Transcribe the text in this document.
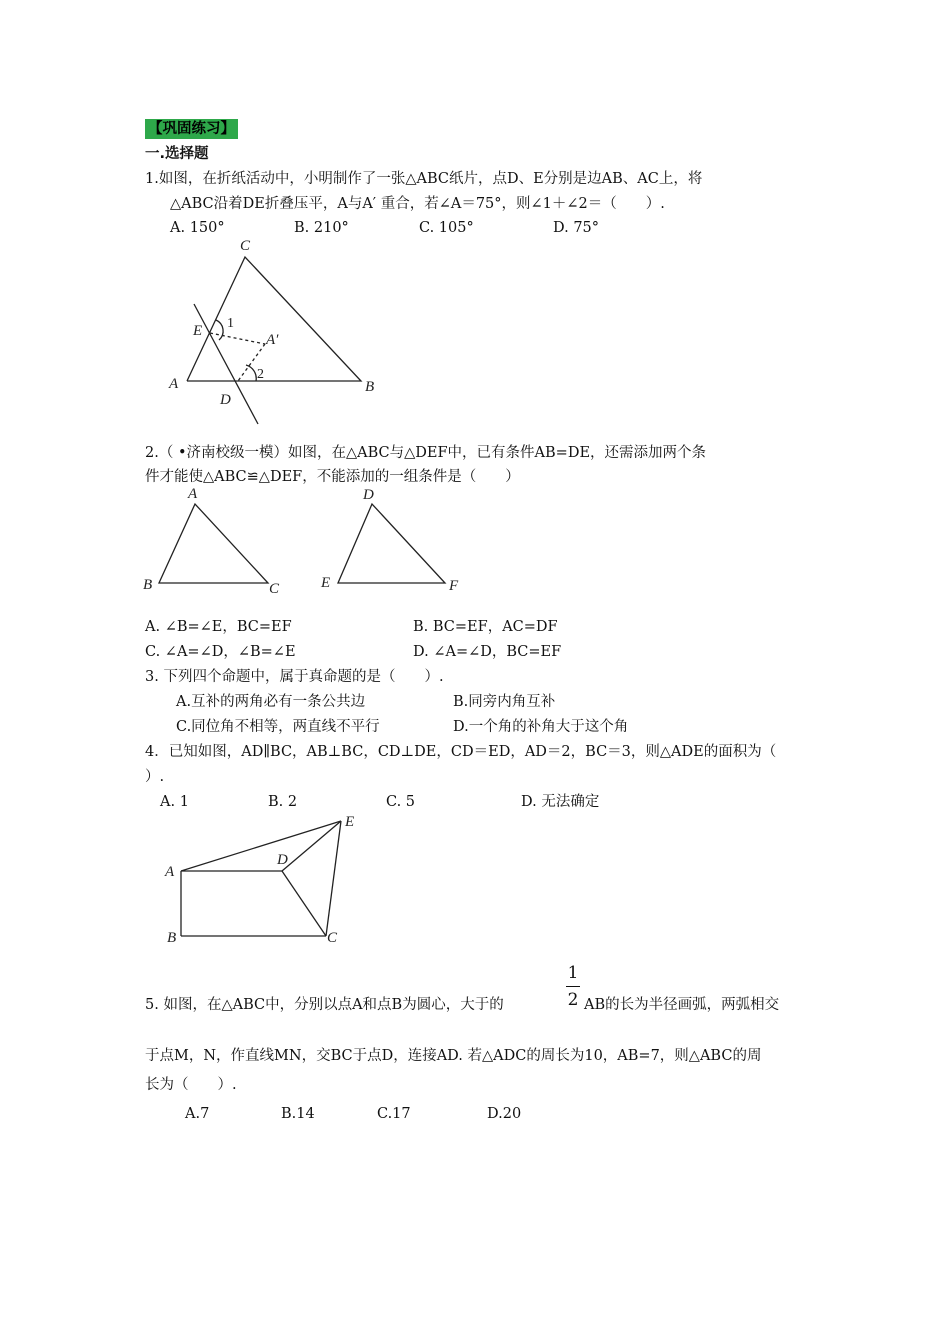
【巩固练习】
一.选择题
1.如图，在折纸活动中，小明制作了一张△ABC纸片，点D、E分别是边AB、AC上，将
△ABC沿着DE折叠压平，A与A′ 重合，若∠A＝75°，则∠1＋∠2＝（　　）.
A. 150°	B. 210°	C. 105°	D. 75°
C
E 1
A′
2
A	B
D
2.（ •济南校级一模）如图，在△ABC与△DEF中，已有条件AB=DE，还需添加两个条
件才能使△ABC≌△DEF，不能添加的一组条件是（　　）
A
B	C
D
E	F
A. ∠B=∠E，BC=EF	B. BC=EF，AC=DF
C. ∠A=∠D，∠B=∠E	D. ∠A=∠D，BC=EF
3. 下列四个命题中，属于真命题的是（　　）.
A.互补的两角必有一条公共边	B.同旁内角互补
C.同位角不相等，两直线不平行	D.一个角的补角大于这个角
4．已知如图，AD∥BC，AB⊥BC，CD⊥DE，CD＝ED，AD＝2，BC＝3，则△ADE的面积为（
）.
A. 1	B. 2	C. 5	D. 无法确定
E
D
A
B	C
1
2
5. 如图，在△ABC中，分别以点A和点B为圆心，大于的	AB的长为半径画弧，两弧相交
于点M，N，作直线MN，交BC于点D，连接AD. 若△ADC的周长为10，AB=7，则△ABC的周
长为（　　）.
A.7	B.14	C.17	D.20
